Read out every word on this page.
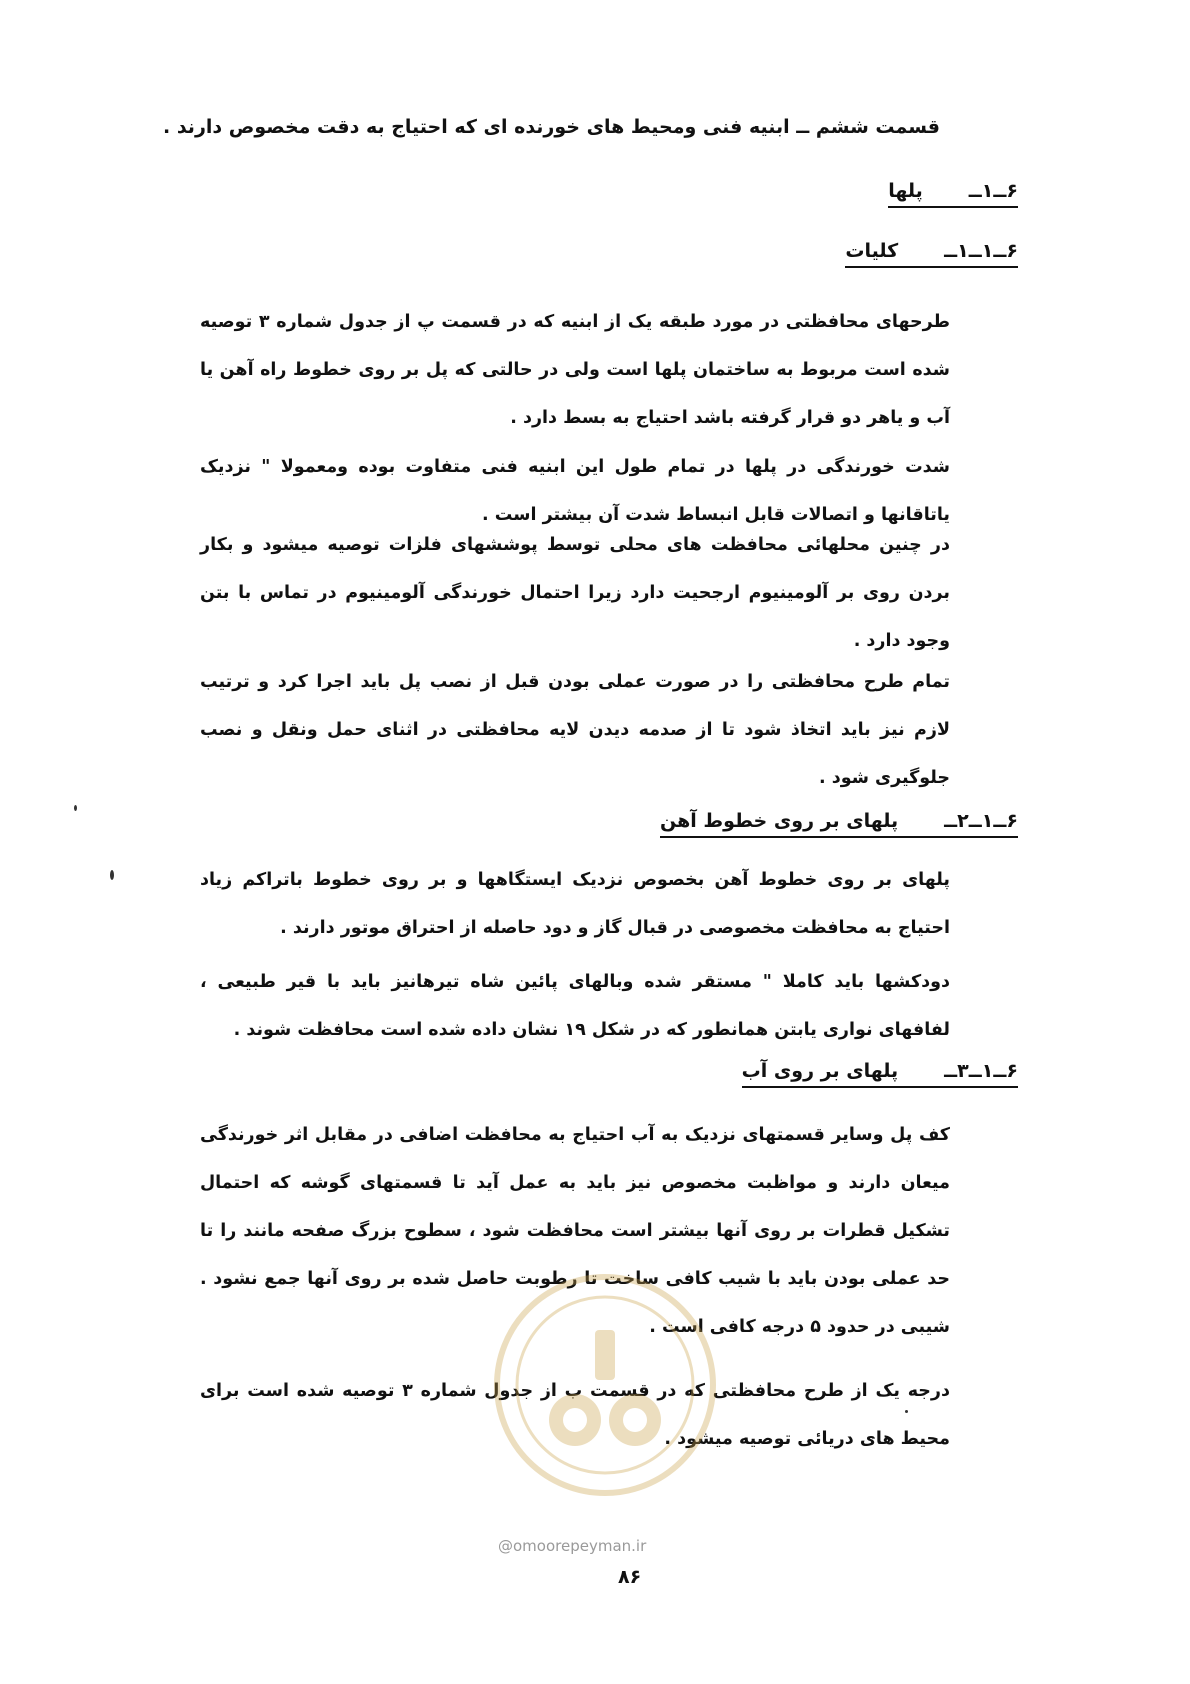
قسمت ششم ــ ابنیه فنی ومحیط های خورنده ای که احتیاج به دقت مخصوص دارند .
۶ــ۱ــپلها
۶ــ۱ــ۱ــکلیات
طرحهای محافظتی در مورد طبقه یک از ابنیه که در قسمت پ از جدول شماره ۳ توصیه شده است مربوط به ساختمان پلها است ولی در حالتی که پل بر روی خطوط راه آهن یا آب و یاهر دو قرار گرفته باشد احتیاج به بسط دارد .
شدت خورندگی در پلها در تمام طول این ابنیه فنی متفاوت بوده ومعمولا " نزدیک یاتاقانها و اتصالات قابل انبساط شدت آن بیشتر است .
در چنین محلهائی محافظت های محلی توسط پوششهای فلزات توصیه میشود و بکار بردن روی بر آلومینیوم ارجحیت دارد زیرا احتمال خورندگی آلومینیوم در تماس با بتن وجود دارد .
تمام طرح محافظتی را در صورت عملی بودن قبل از نصب پل باید اجرا کرد و ترتیب لازم نیز باید اتخاذ شود تا از صدمه دیدن لایه محافظتی در اثنای حمل ونقل و نصب جلوگیری شود .
۶ــ۱ــ۲ــپلهای بر روی خطوط آهن
پلهای بر روی خطوط آهن بخصوص نزدیک ایستگاهها و بر روی خطوط باتراکم زیاد احتیاج به محافظت مخصوصی در قبال گاز و دود حاصله از احتراق موتور دارند .
دودکشها باید کاملا " مستقر شده وبالهای پائین شاه تیرهانیز باید با قیر طبیعی ، لفافهای نواری یابتن همانطور که در شکل ۱۹ نشان داده شده است محافظت شوند .
۶ــ۱ــ۳ــپلهای بر روی آب
کف پل وسایر قسمتهای نزدیک به آب احتیاج به محافظت اضافی در مقابل اثر خورندگی میعان دارند و مواظبت مخصوص نیز باید به عمل آید تا قسمتهای گوشه که احتمال تشکیل قطرات بر روی آنها بیشتر است محافظت شود ، سطوح بزرگ صفحه مانند را تا حد عملی بودن باید با شیب کافی ساخت تا رطوبت حاصل شده بر روی آنها جمع نشود . شیبی در حدود ۵ درجه کافی است .
درجه یک از طرح محافظتی که در قسمت ب از جدول شماره ۳ توصیه شده است برای محیط های دریائی توصیه میشود .
@omoorepeyman.ir
۸۶
